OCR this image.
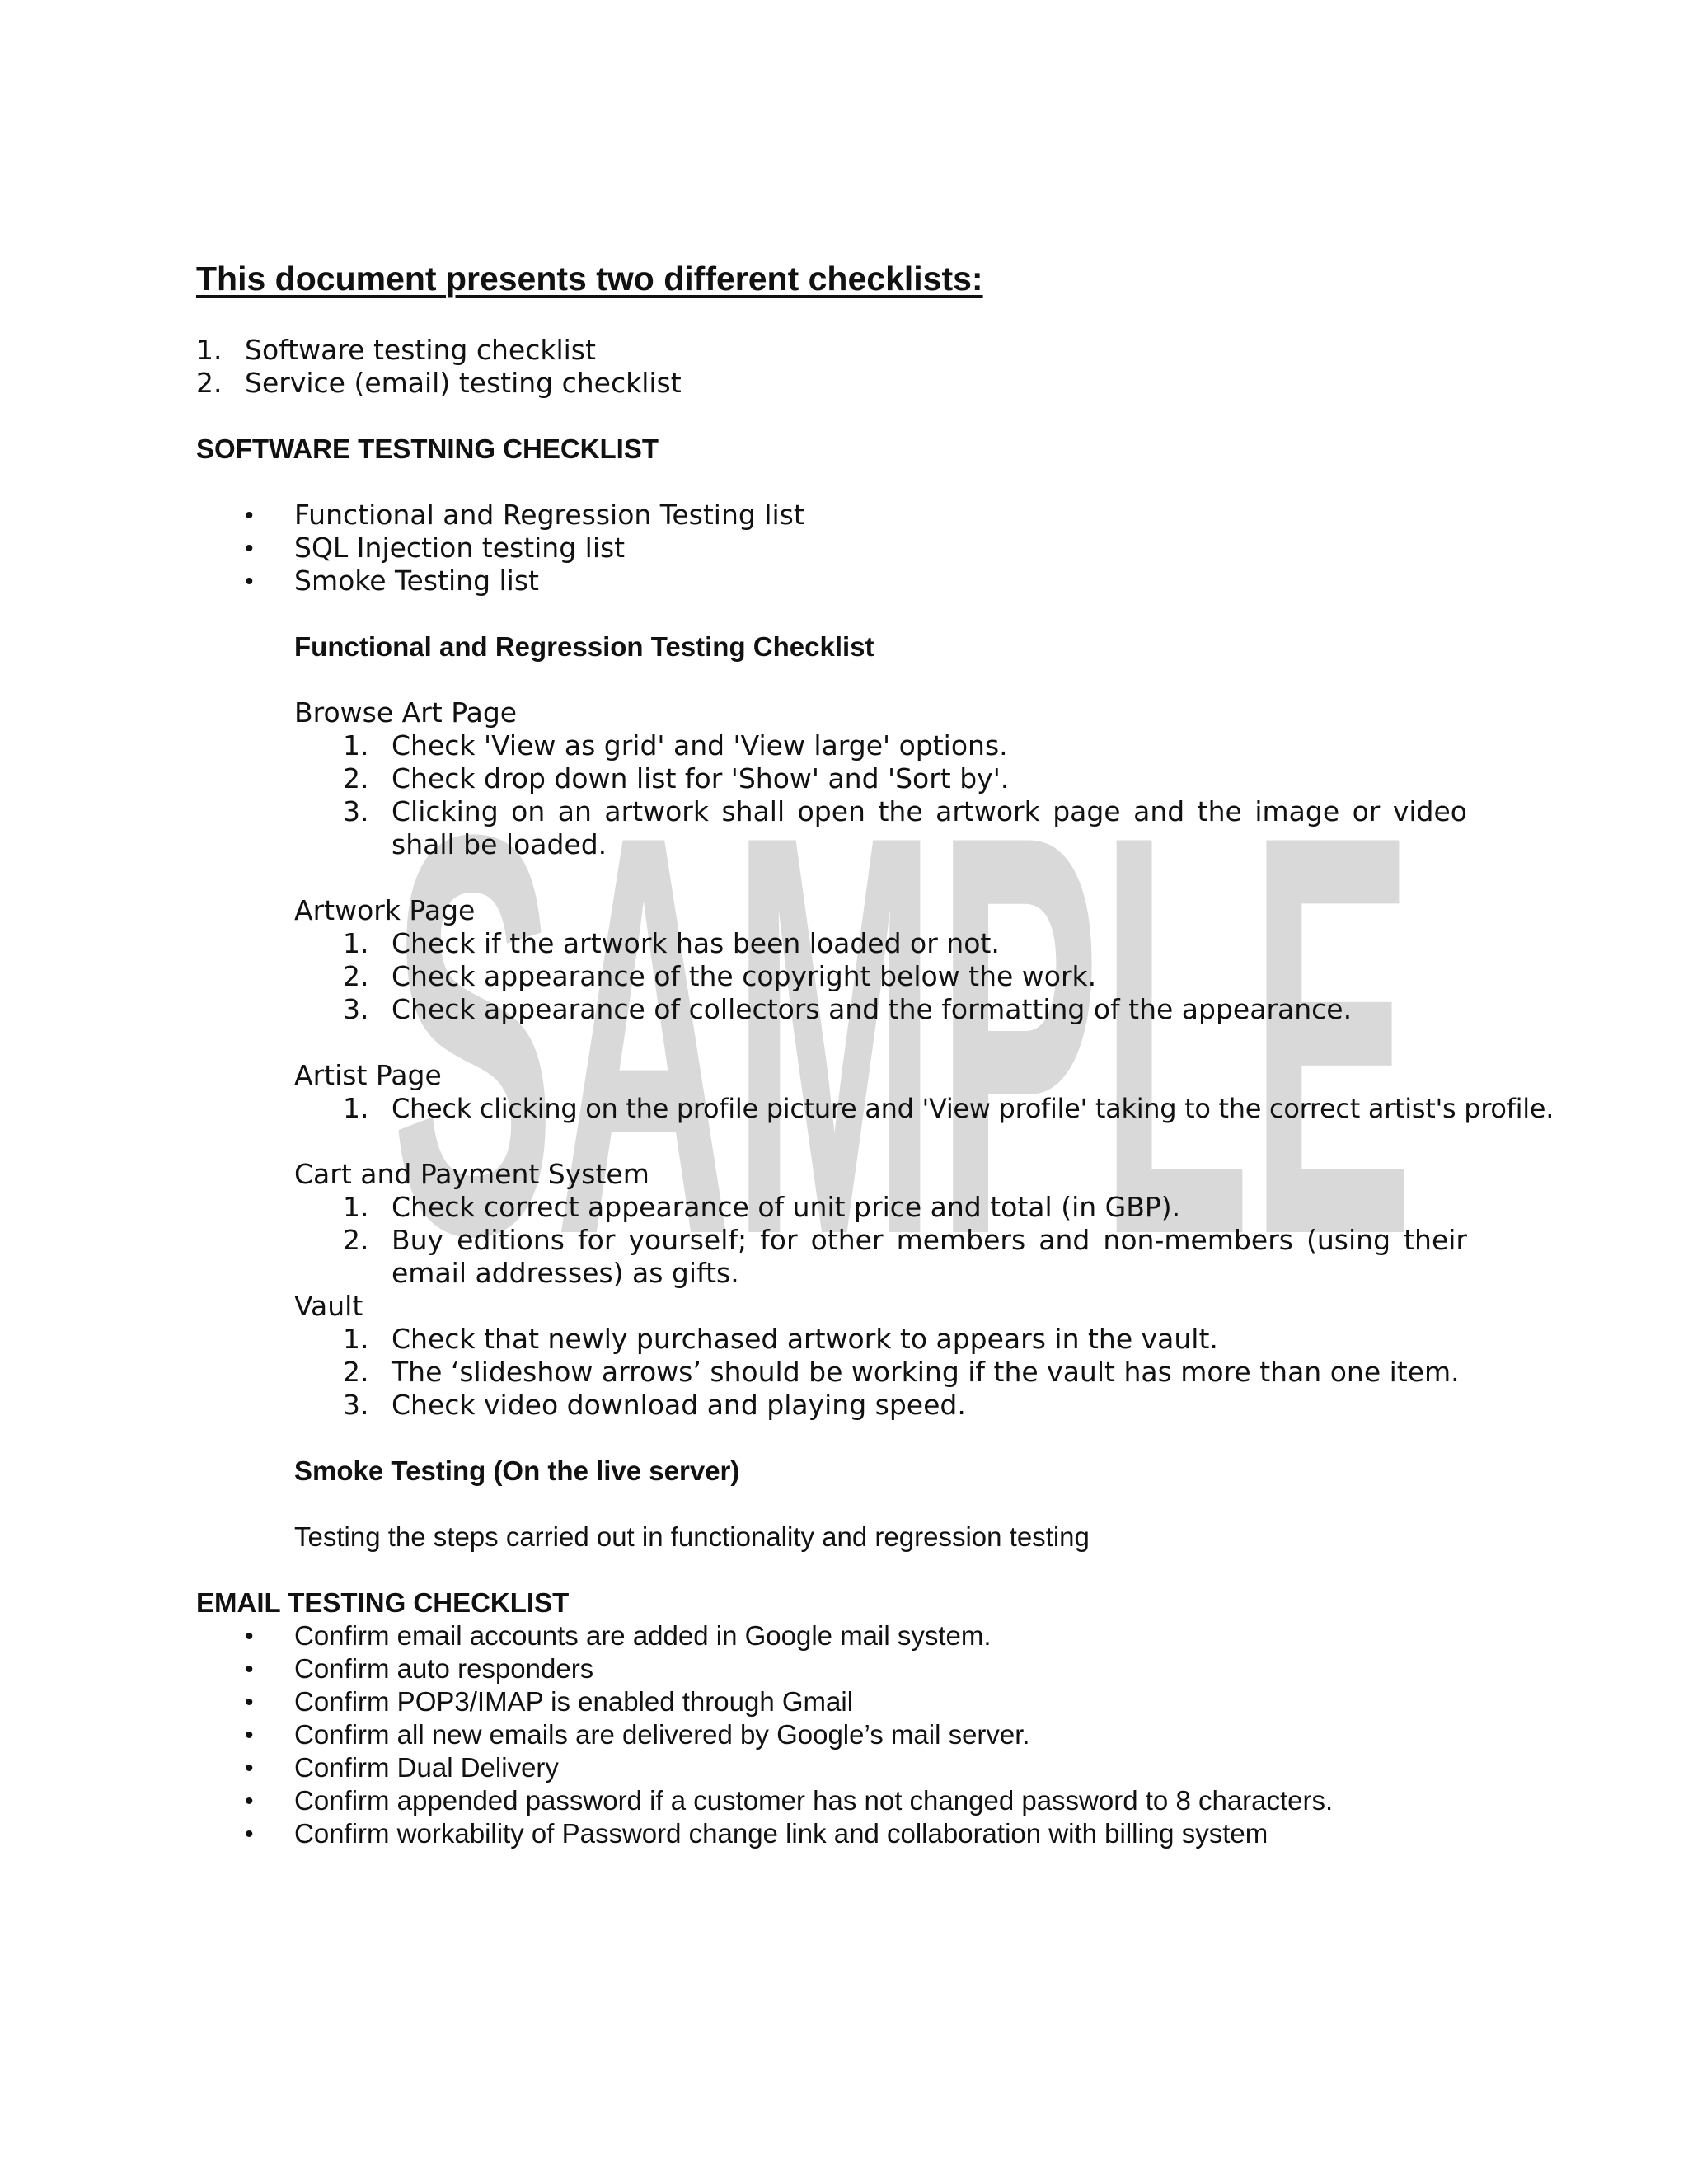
SAMPLE
This document presents two different checklists:
1. Software testing checklist
2. Service (email) testing checklist
SOFTWARE TESTNING CHECKLIST
• Functional and Regression Testing list
• SQL Injection testing list
• Smoke Testing list
Functional and Regression Testing Checklist
Browse Art Page
1. Check 'View as grid' and 'View large' options.
2. Check drop down list for 'Show' and 'Sort by'.
3. Clicking on an artwork shall open the artwork page and the image or video shall be loaded.
Artwork Page
1. Check if the artwork has been loaded or not.
2. Check appearance of the copyright below the work.
3. Check appearance of collectors and the formatting of the appearance.
Artist Page
1. Check clicking on the profile picture and 'View profile' taking to the correct artist's profile.
Cart and Payment System
1. Check correct appearance of unit price and total (in GBP).
2. Buy editions for yourself; for other members and non-members (using their email addresses) as gifts.
Vault
1. Check that newly purchased artwork to appears in the vault.
2. The ‘slideshow arrows’ should be working if the vault has more than one item.
3. Check video download and playing speed.
Smoke Testing (On the live server)
Testing the steps carried out in functionality and regression testing
EMAIL TESTING CHECKLIST
• Confirm email accounts are added in Google mail system.
• Confirm auto responders
• Confirm POP3/IMAP is enabled through Gmail
• Confirm all new emails are delivered by Google’s mail server.
• Confirm Dual Delivery
• Confirm appended password if a customer has not changed password to 8 characters.
• Confirm workability of Password change link and collaboration with billing system
